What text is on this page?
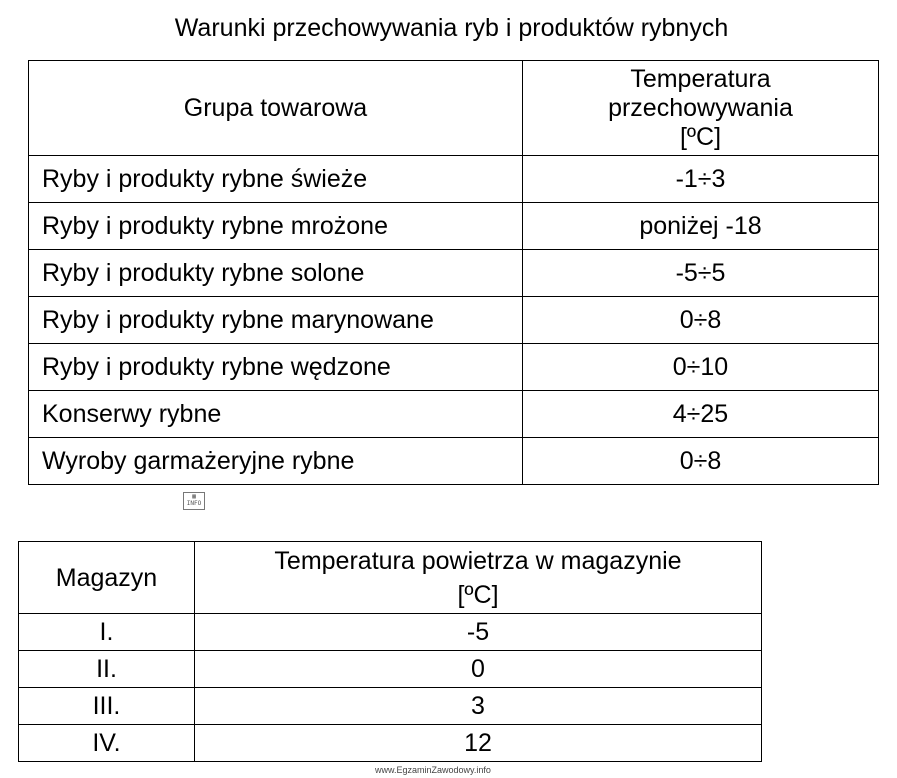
Warunki przechowywania ryb i produktów rybnych
Grupa towarowa	Temperatura
przechowywania
[ºC]

Ryby i produkty rybne świeże	-1÷3
Ryby i produkty rybne mrożone	poniżej -18
Ryby i produkty rybne solone	-5÷5
Ryby i produkty rybne marynowane	0÷8
Ryby i produkty rybne wędzone	0÷10
Konserwy rybne	4÷25
Wyroby garmażeryjne rybne	0÷8
▦
INFO
Magazyn	Temperatura powietrza w magazynie
[ºC]

I.	-5
II.	0
III.	3
IV.	12
www.EgzaminZawodowy.info
